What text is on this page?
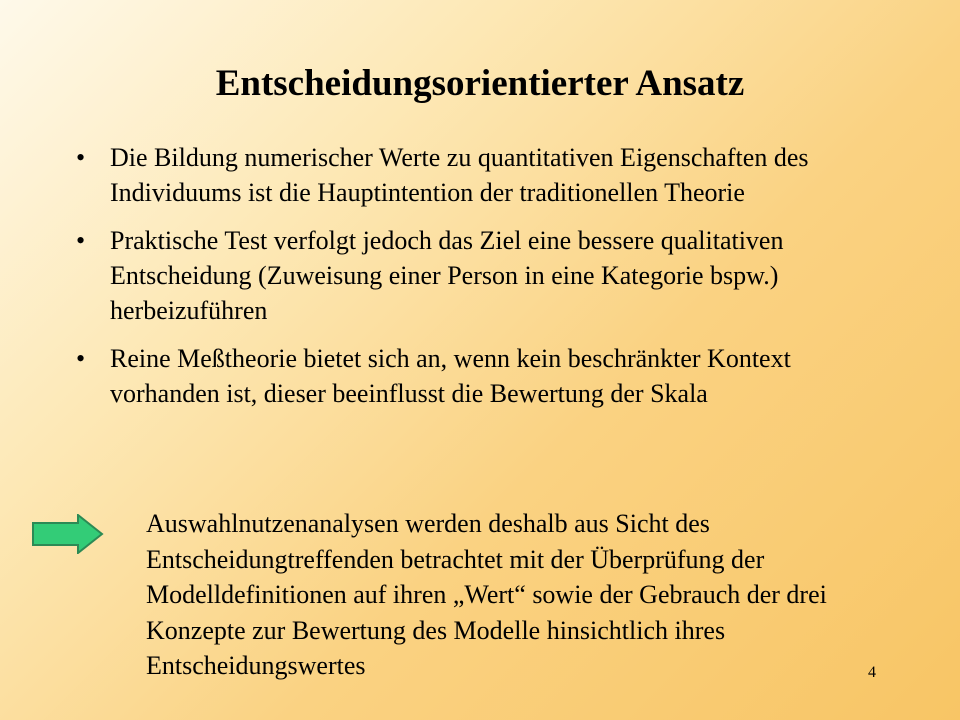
Entscheidungsorientierter Ansatz
• Die Bildung numerischer Werte zu quantitativen Eigenschaften des Individuums ist die Hauptintention der traditionellen Theorie
• Praktische Test verfolgt jedoch das Ziel eine bessere qualitativen Entscheidung (Zuweisung einer Person in eine Kategorie bspw.) herbeizuführen
• Reine Meßtheorie bietet sich an, wenn kein beschränkter Kontext vorhanden ist, dieser beeinflusst die Bewertung der Skala
Auswahlnutzenanalysen werden deshalb aus Sicht des Entscheidungtreffenden betrachtet mit der Überprüfung der Modelldefinitionen auf ihren „Wert“ sowie der Gebrauch der drei Konzepte zur Bewertung des Modelle hinsichtlich ihres Entscheidungswertes	4
